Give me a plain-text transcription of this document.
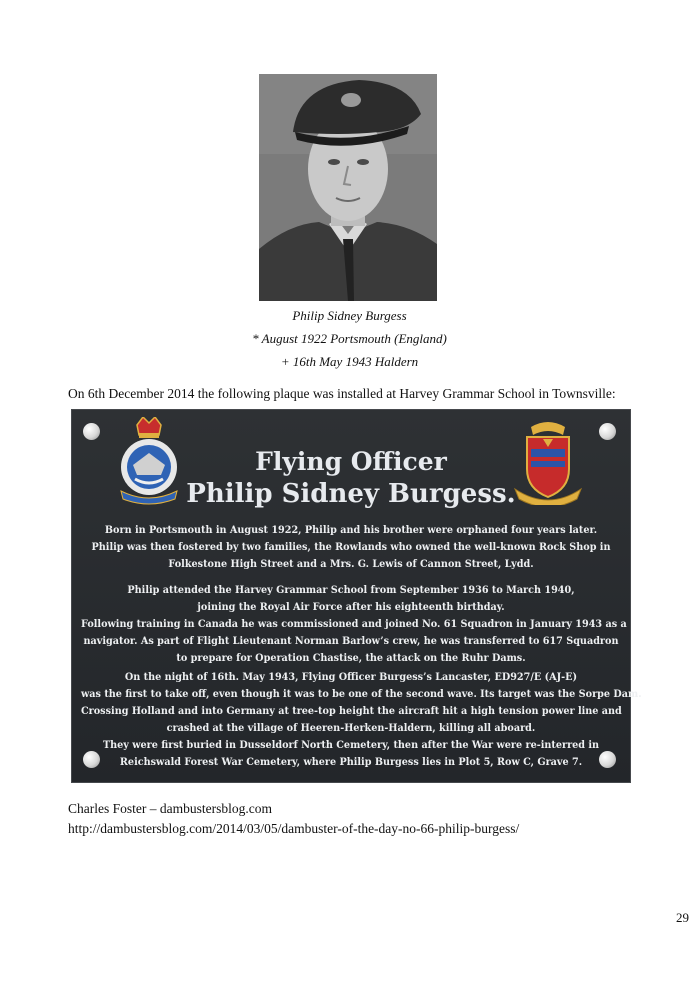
Philip Sidney Burgess
* August 1922 Portsmouth (England)
+ 16th May 1943 Haldern
On 6th December 2014 the following plaque was installed at Harvey Grammar School in Townsville:
Flying Officer
Philip Sidney Burgess.
Born in Portsmouth in August 1922, Philip and his brother were orphaned four years later.
Philip was then fostered by two families, the Rowlands who owned the well-known Rock Shop in
Folkestone High Street and a Mrs. G. Lewis of Cannon Street, Lydd.
Philip attended the Harvey Grammar School from September 1936 to March 1940,
joining the Royal Air Force after his eighteenth birthday.
Following training in Canada he was commissioned and joined No. 61 Squadron in January 1943 as a
navigator. As part of Flight Lieutenant Norman Barlow’s crew, he was transferred to 617 Squadron
to prepare for Operation Chastise, the attack on the Ruhr Dams.
On the night of 16th. May 1943, Flying Officer Burgess’s Lancaster, ED927/E (AJ-E)
was the first to take off, even though it was to be one of the second wave. Its target was the Sorpe Dam.
Crossing Holland and into Germany at tree-top height the aircraft hit a high tension power line and
crashed at the village of Heeren-Herken-Haldern, killing all aboard.
They were first buried in Dusseldorf North Cemetery, then after the War were re-interred in
Reichswald Forest War Cemetery, where Philip Burgess lies in Plot 5, Row C, Grave 7.
Charles Foster – dambustersblog.com
http://dambustersblog.com/2014/03/05/dambuster-of-the-day-no-66-philip-burgess/
29
